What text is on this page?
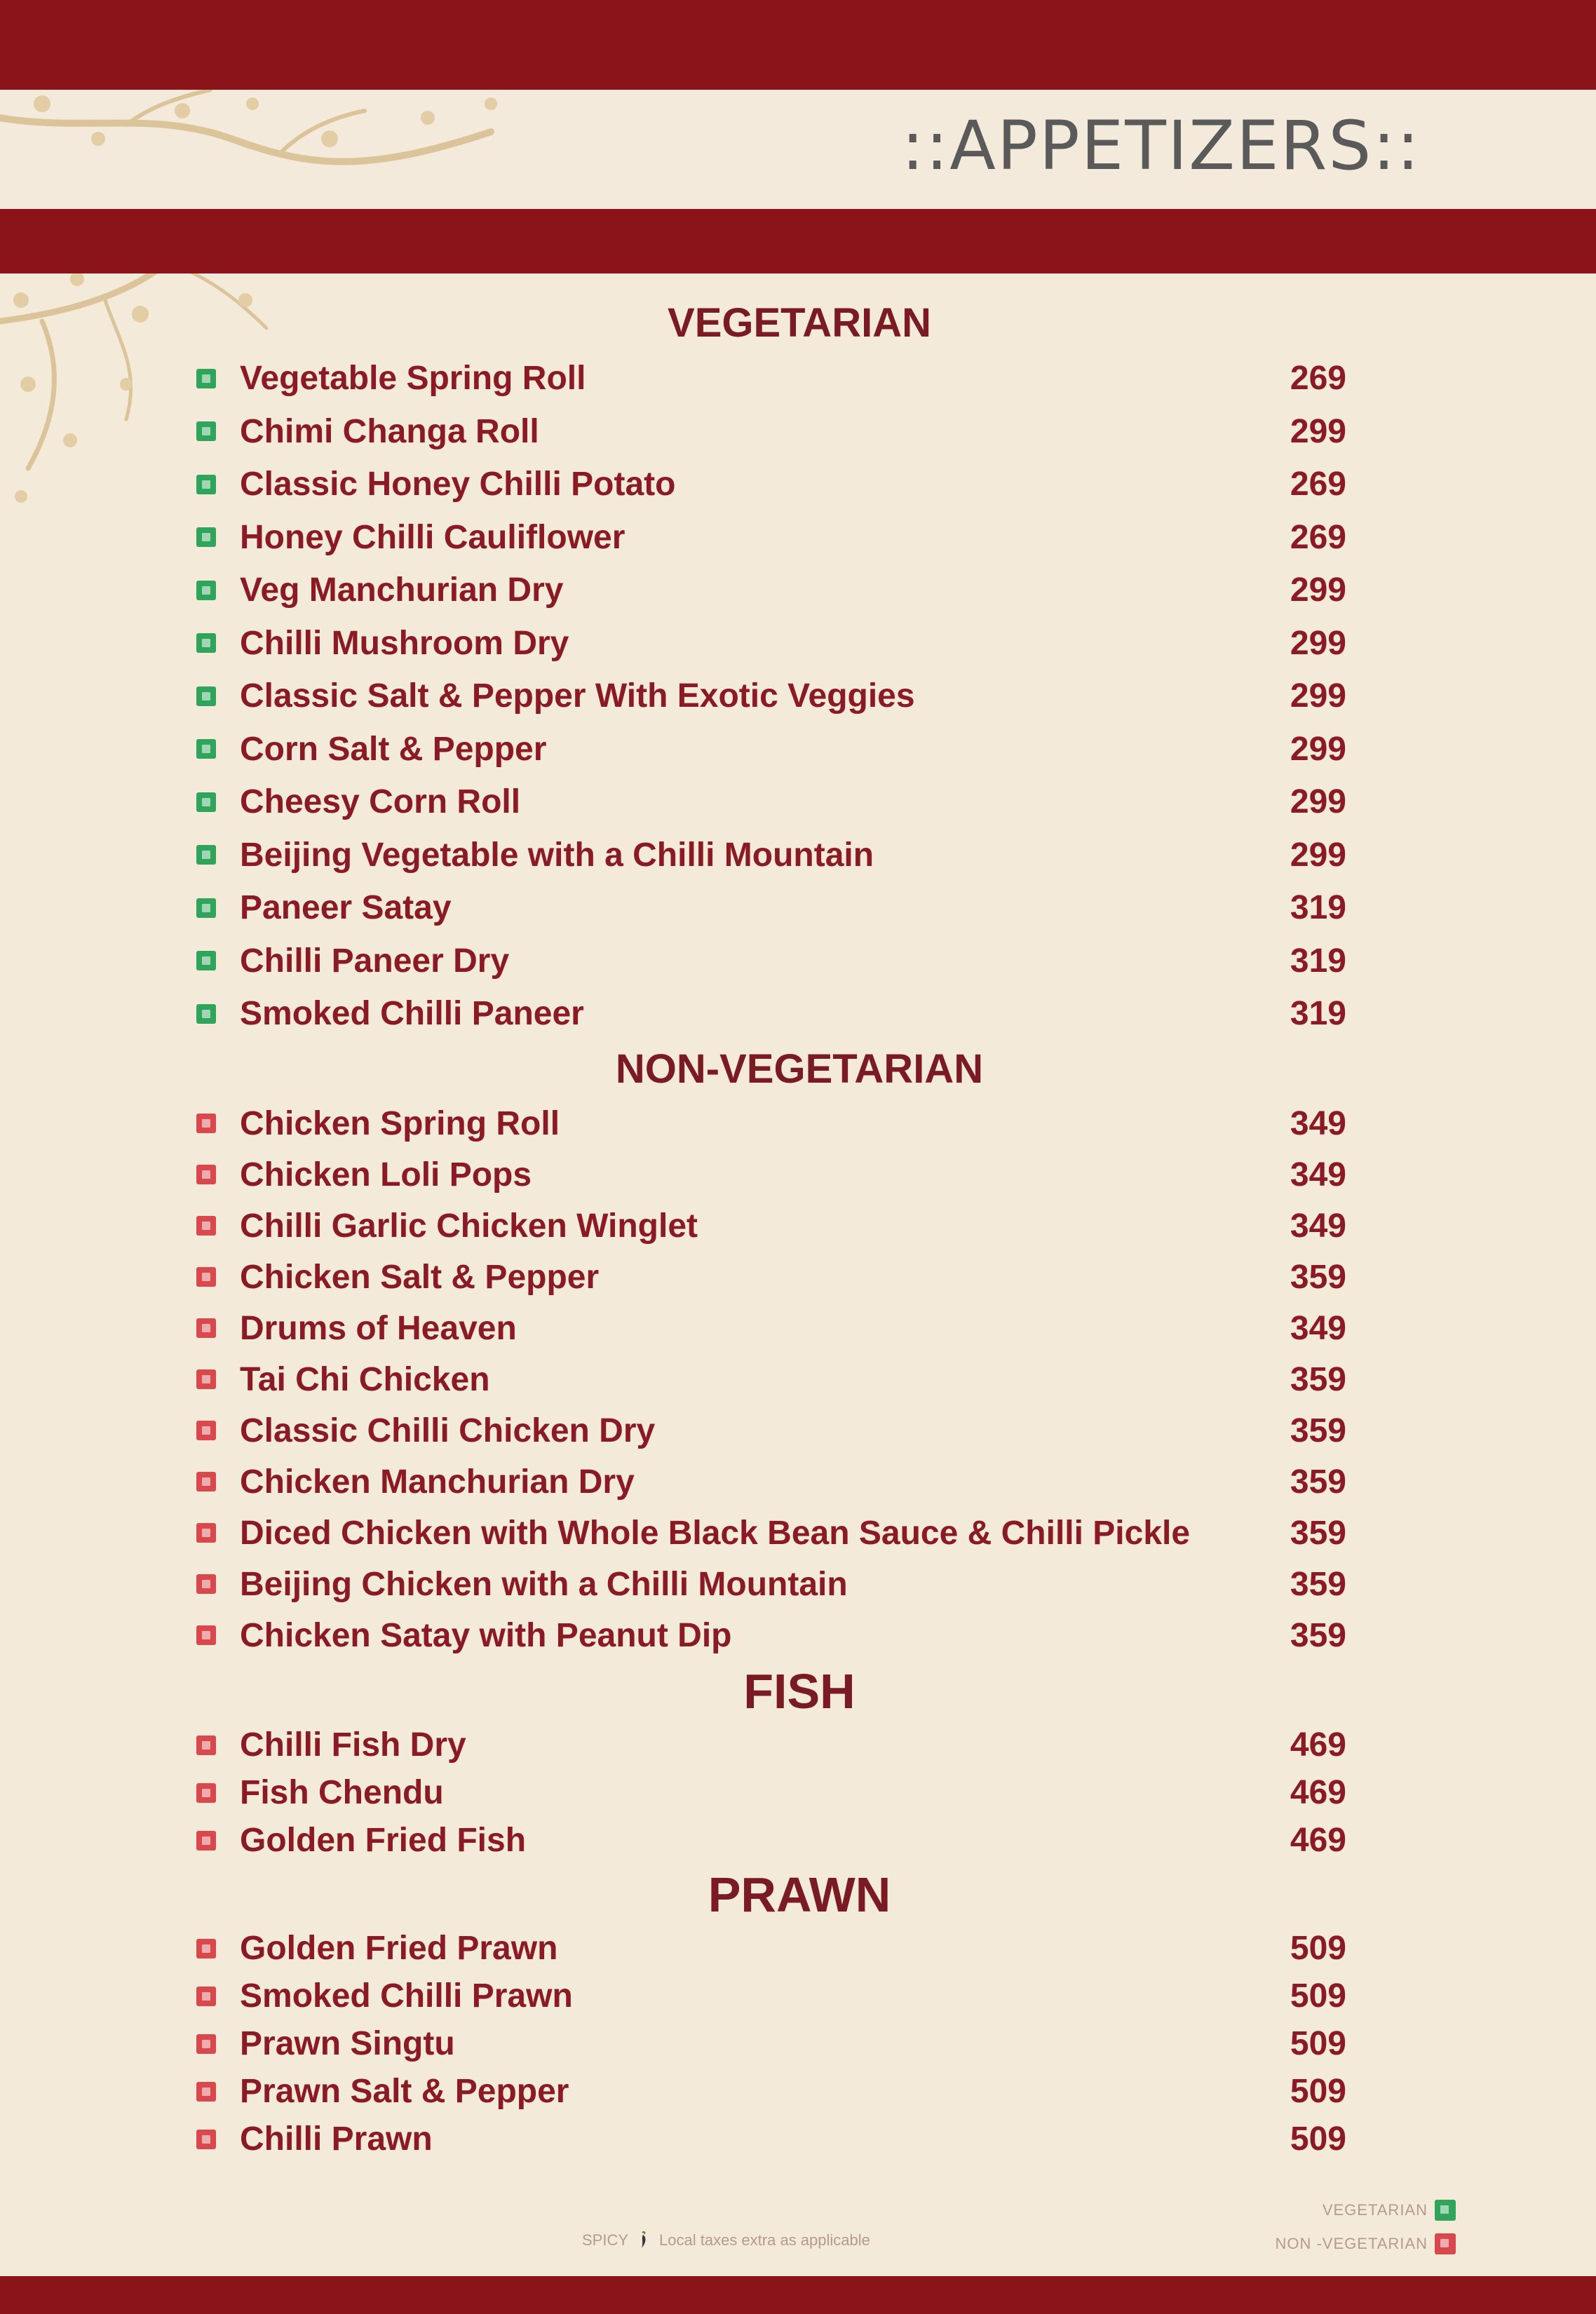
::APPETIZERS::
VEGETARIAN
Vegetable Spring Roll	269
Chimi Changa Roll	299
Classic Honey Chilli Potato	269
Honey Chilli Cauliflower	269
Veg Manchurian Dry	299
Chilli Mushroom Dry	299
Classic Salt & Pepper With Exotic Veggies	299
Corn Salt & Pepper	299
Cheesy Corn Roll	299
Beijing Vegetable with a Chilli Mountain	299
Paneer Satay	319
Chilli Paneer Dry	319
Smoked Chilli Paneer	319
NON-VEGETARIAN
Chicken Spring Roll	349
Chicken Loli Pops	349
Chilli Garlic Chicken Winglet	349
Chicken Salt & Pepper	359
Drums of Heaven	349
Tai Chi Chicken	359
Classic Chilli Chicken Dry	359
Chicken Manchurian Dry	359
Diced Chicken with Whole Black Bean Sauce & Chilli Pickle	359
Beijing Chicken with a Chilli Mountain	359
Chicken Satay with Peanut Dip	359
FISH
Chilli Fish Dry	469
Fish Chendu	469
Golden Fried Fish	469
PRAWN
Golden Fried Prawn	509
Smoked Chilli Prawn	509
Prawn Singtu	509
Prawn Salt & Pepper	509
Chilli Prawn	509
VEGETARIAN
NON -VEGETARIAN
SPICY Local taxes extra as applicable
